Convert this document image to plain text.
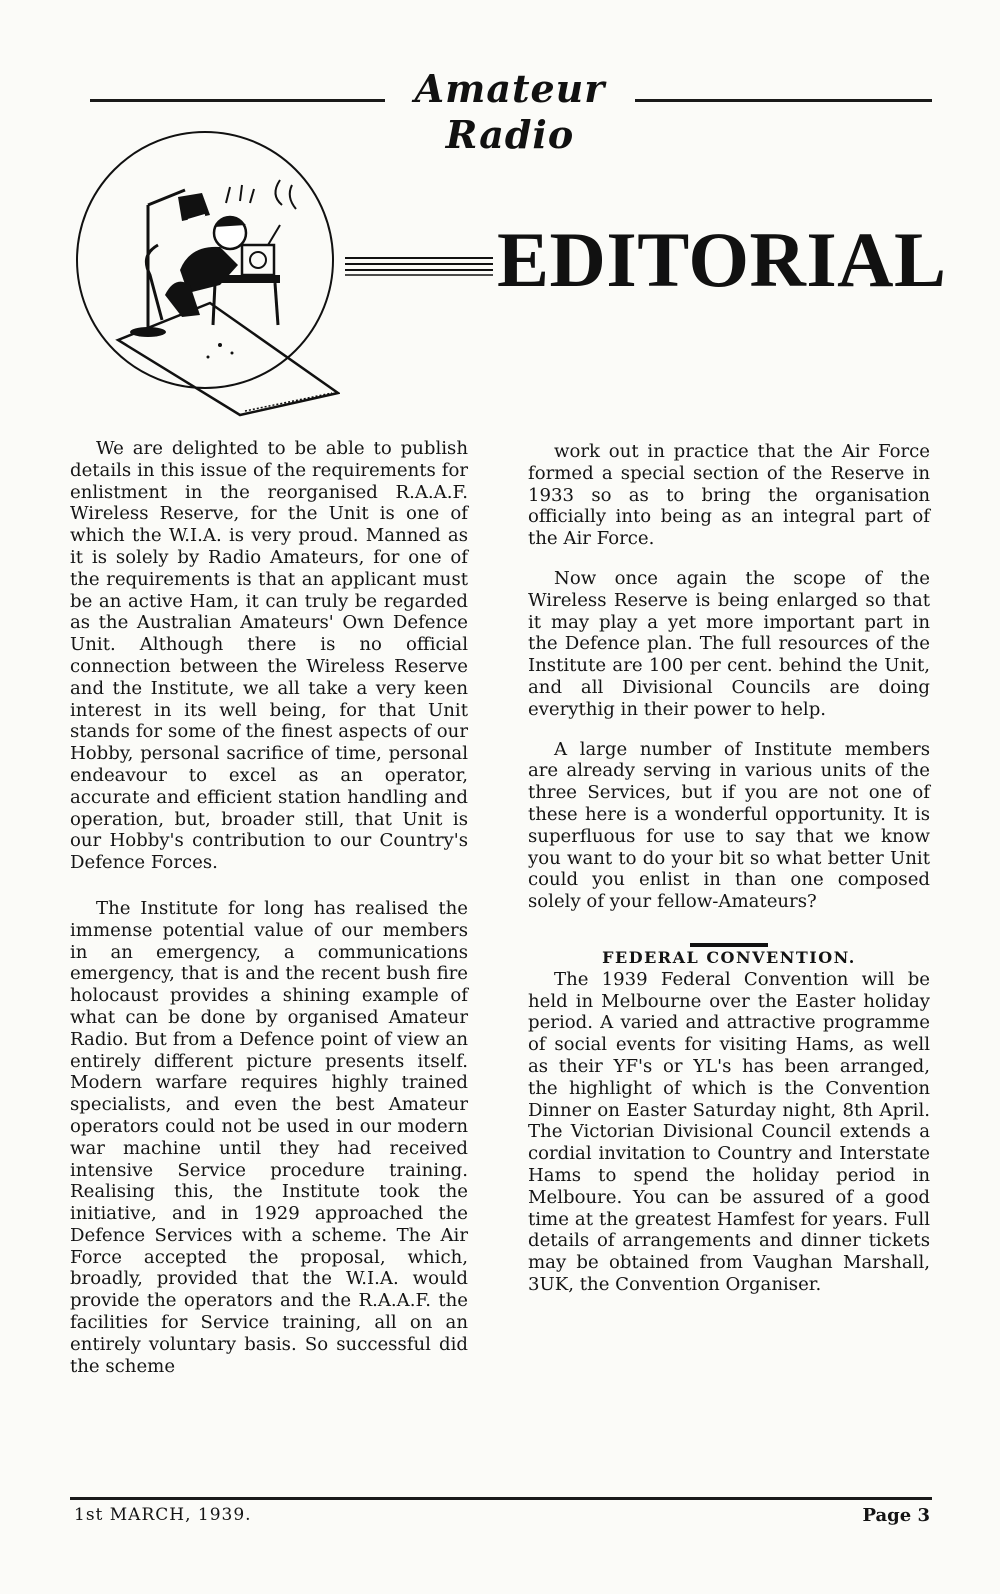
Amateur Radio
EDITORIAL

We are delighted to be able to publish details in this issue of the requirements for enlistment in the reorganised R.A.A.F. Wireless Reserve, for the Unit is one of which the W.I.A. is very proud. Manned as it is solely by Radio Amateurs, for one of the requirements is that an applicant must be an active Ham, it can truly be regarded as the Australian Amateurs' Own Defence Unit. Although there is no official connection between the Wireless Reserve and the Institute, we all take a very keen interest in its well being, for that Unit stands for some of the finest aspects of our Hobby, personal sacrifice of time, personal endeavour to excel as an operator, accurate and efficient station handling and operation, but, broader still, that Unit is our Hobby's contribution to our Country's Defence Forces.

The Institute for long has realised the immense potential value of our members in an emergency, a communications emergency, that is and the recent bush fire holocaust provides a shining example of what can be done by organised Amateur Radio. But from a Defence point of view an entirely different picture presents itself. Modern warfare requires highly trained specialists, and even the best Amateur operators could not be used in our modern war machine until they had received intensive Service procedure training. Realising this, the Institute took the initiative, and in 1929 approached the Defence Services with a scheme. The Air Force accepted the proposal, which, broadly, provided that the W.I.A. would provide the operators and the R.A.A.F. the facilities for Service training, all on an entirely voluntary basis. So successful did the scheme

work out in practice that the Air Force formed a special section of the Reserve in 1933 so as to bring the organisation officially into being as an integral part of the Air Force.

Now once again the scope of the Wireless Reserve is being enlarged so that it may play a yet more important part in the Defence plan. The full resources of the Institute are 100 per cent. behind the Unit, and all Divisional Councils are doing everythig in their power to help.

A large number of Institute members are already serving in various units of the three Services, but if you are not one of these here is a wonderful opportunity. It is superfluous for use to say that we know you want to do your bit so what better Unit could you enlist in than one composed solely of your fellow-Amateurs?

FEDERAL CONVENTION.

The 1939 Federal Convention will be held in Melbourne over the Easter holiday period. A varied and attractive programme of social events for visiting Hams, as well as their YF's or YL's has been arranged, the highlight of which is the Convention Dinner on Easter Saturday night, 8th April. The Victorian Divisional Council extends a cordial invitation to Country and Interstate Hams to spend the holiday period in Melboure. You can be assured of a good time at the greatest Hamfest for years. Full details of arrangements and dinner tickets may be obtained from Vaughan Marshall, 3UK, the Convention Organiser.

1st MARCH, 1939.	Page 3
